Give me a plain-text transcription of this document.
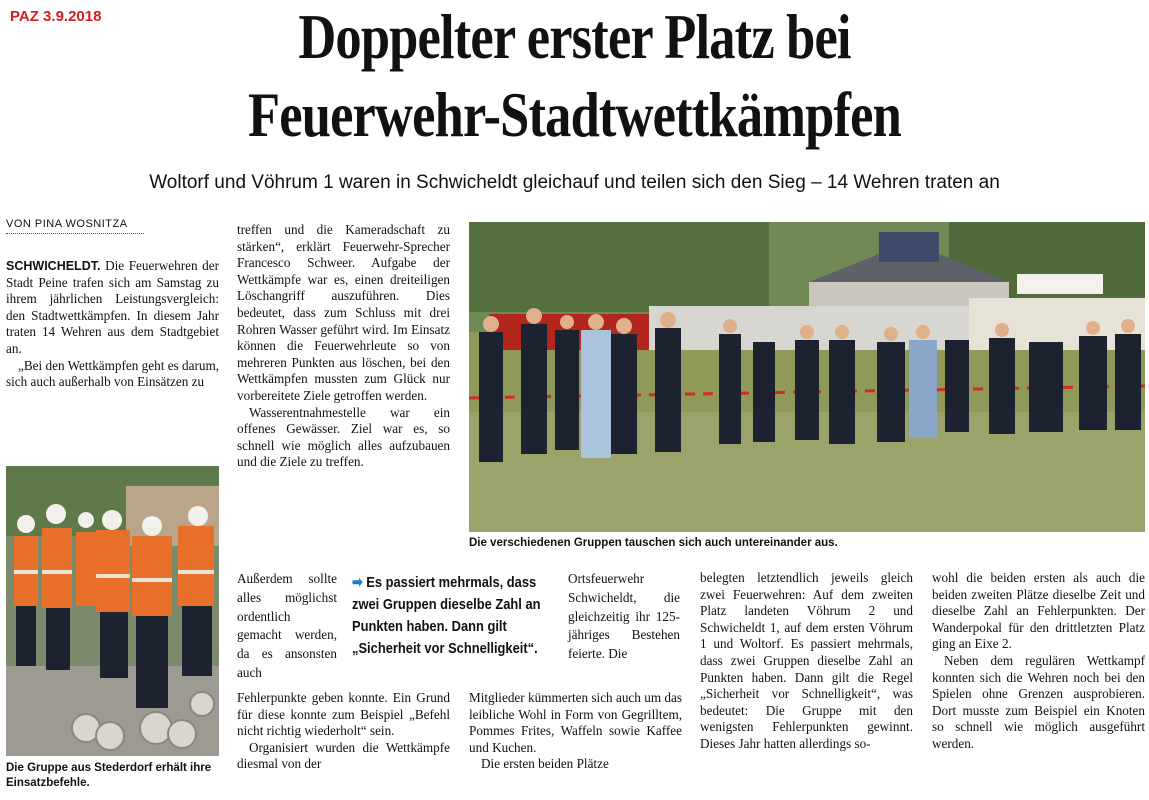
PAZ 3.9.2018	Doppelter erster Platz bei
Feuerwehr-Stadtwettkämpfen
Woltorf und Vöhrum 1 waren in Schwicheldt gleichauf und teilen sich den Sieg – 14 Wehren traten an
VON PINA WOSNITZA

SCHWICHELDT. Die Feuerwehren der Stadt Peine trafen sich am Samstag zu ihrem jährlichen Leistungsvergleich: den Stadtwettkämpfen. In diesem Jahr traten 14 Wehren aus dem Stadtgebiet an.

„Bei den Wettkämpfen geht es darum, sich auch außerhalb von Einsätzen zu

Die Gruppe aus Stederdorf erhält ihre Einsatzbefehle.

treffen und die Kameradschaft zu stärken“, erklärt Feuerwehr-Sprecher Francesco Schweer. Aufgabe der Wettkämpfe war es, einen dreiteiligen Löschangriff auszuführen. Dies bedeutet, dass zum Schluss mit drei Rohren Wasser geführt wird. Im Einsatz können die Feuerwehrleute so von mehreren Punkten aus löschen, bei den Wettkämpfen mussten zum Glück nur vorbereitete Ziele getroffen werden.

Wasserentnahmestelle war ein offenes Gewässer. Ziel war es, so schnell wie möglich alles aufzubauen und die Ziele zu treffen.

Außerdem sollte alles möglichst ordentlich gemacht werden, da es ansonsten auch

Fehlerpunkte geben konnte. Ein Grund für diese konnte zum Beispiel „Befehl nicht richtig wiederholt“ sein.

Organisiert wurden die Wettkämpfe diesmal von der

Die verschiedenen Gruppen tauschen sich auch untereinander aus.
➡ Es passiert mehrmals, dass zwei Gruppen dieselbe Zahl an Punkten haben. Dann gilt „Sicherheit vor Schnelligkeit“.
Ortsfeuerwehr Schwicheldt, die gleichzeitig ihr 125-jähriges Bestehen feierte. Die

Mitglieder kümmerten sich auch um das leibliche Wohl in Form von Gegrilltem, Pommes Frites, Waffeln sowie Kaffee und Kuchen.

Die ersten beiden Plätze

belegten letztendlich jeweils gleich zwei Feuerwehren: Auf dem zweiten Platz landeten Vöhrum 2 und Schwicheldt 1, auf dem ersten Vöhrum 1 und Woltorf. Es passiert mehrmals, dass zwei Gruppen dieselbe Zahl an Punkten haben. Dann gilt die Regel „Sicherheit vor Schnelligkeit“, was bedeutet: Die Gruppe mit den wenigsten Fehlerpunkten gewinnt. Dieses Jahr hatten allerdings so-

wohl die beiden ersten als auch die beiden zweiten Plätze dieselbe Zeit und dieselbe Zahl an Fehlerpunkten. Der Wanderpokal für den drittletzten Platz ging an Eixe 2.

Neben dem regulären Wettkampf konnten sich die Wehren noch bei den Spielen ohne Grenzen ausprobieren. Dort musste zum Beispiel ein Knoten so schnell wie möglich ausgeführt werden.
